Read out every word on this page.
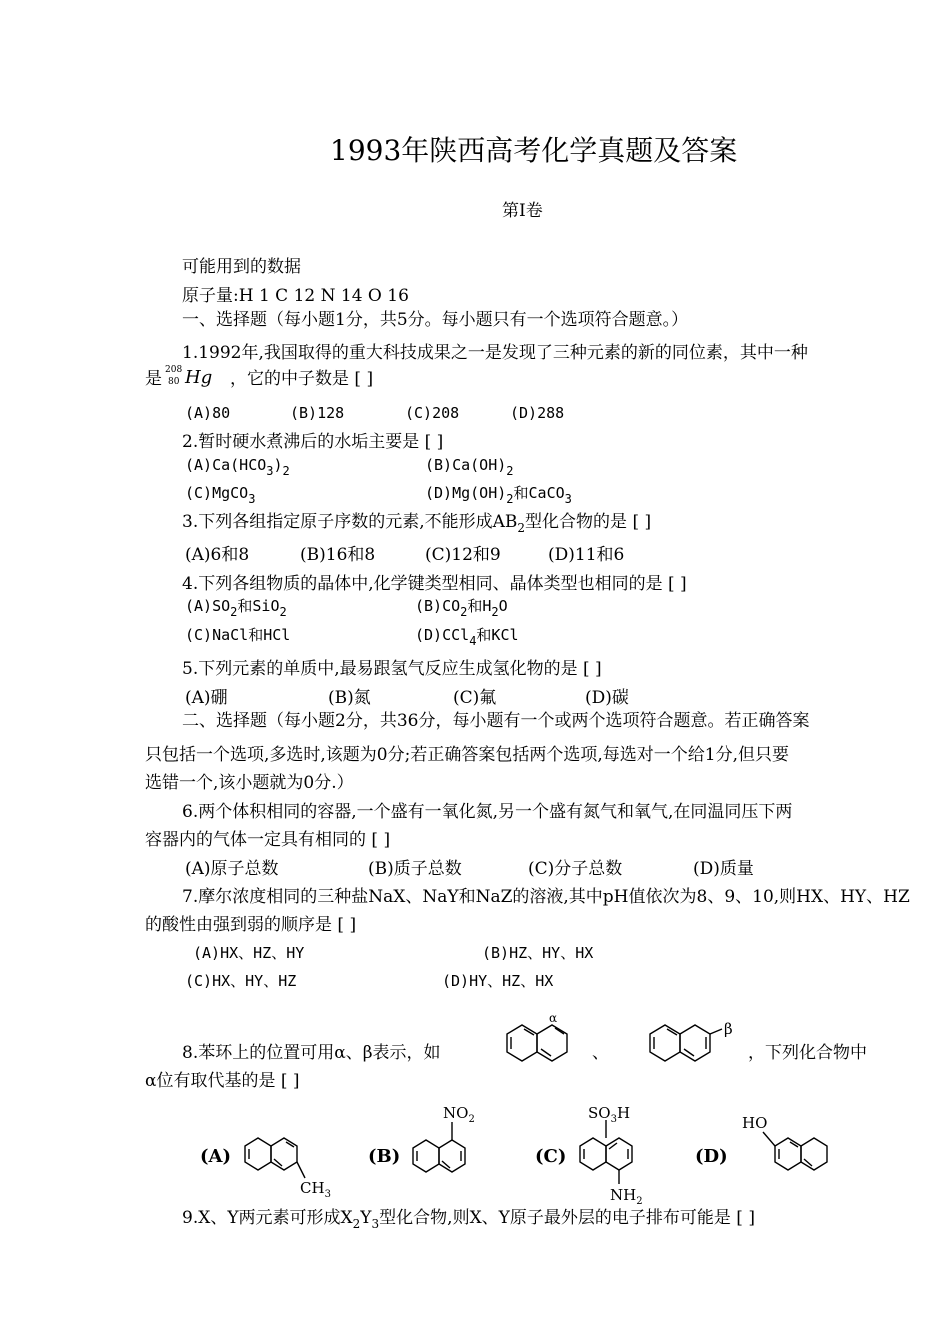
1993年陕西高考化学真题及答案
第Ⅰ卷
可能用到的数据
原子量:H 1 C 12 N 14 O 16
一、选择题（每小题1分，共5分。每小题只有一个选项符合题意。）
1.1992年,我国取得的重大科技成果之一是发现了三种元素的新的同位素，其中一种
是 208
80 Hg ，它的中子数是 [ ]
(A)80	(B)128	(C)208	(D)288
2.暂时硬水煮沸后的水垢主要是 [ ]
$(A)Ca(HCO_3)_2$	$(B)Ca(OH)_2$
(C)MgCO$_3$	$(D)Mg(OH)_2$和CaCO$_3$
3.下列各组指定原子序数的元素,不能形成$AB_2$型化合物的是 [ ]
(A)6和8	(B)16和8	(C)12和9	(D)11和6
4.下列各组物质的晶体中,化学键类型相同、晶体类型也相同的是 [ ]
$(A)SO_2$和SiO$_2$	$(B)CO_2$和$H_2O$
(C)NaCl和HCl	(D)CCl$_4$和KCl
5.下列元素的单质中,最易跟氢气反应生成氢化物的是 [ ]
(A)硼	(B)氮	(C)氟	(D)碳
二、选择题（每小题2分，共36分，每小题有一个或两个选项符合题意。若正确答案
只包括一个选项,多选时,该题为0分;若正确答案包括两个选项,每选对一个给1分,但只要
选错一个,该小题就为0分.）
6.两个体积相同的容器,一个盛有一氧化氮,另一个盛有氮气和氧气,在同温同压下两
容器内的气体一定具有相同的 [ ]
(A)原子总数	(B)质子总数	(C)分子总数	(D)质量
7.摩尔浓度相同的三种盐NaX、NaY和NaZ的溶液,其中pH值依次为8、9、10,则HX、HY、HZ
的酸性由强到弱的顺序是 [ ]
(A)HX、HZ、HY	(B)HZ、HY、HX
(C)HX、HY、HZ	(D)HY、HZ、HX
8.苯环上的位置可用α、β表示，如	、	，下列化合物中
α位有取代基的是 [ ]
α
β
(A)	(B)	(C)	(D)
$CH_3$
$NO_2$	$SO_3H$
$NH_2$
HO
9.X、Y两元素可形成$X_2Y_3$型化合物,则X、Y原子最外层的电子排布可能是 [ ]
